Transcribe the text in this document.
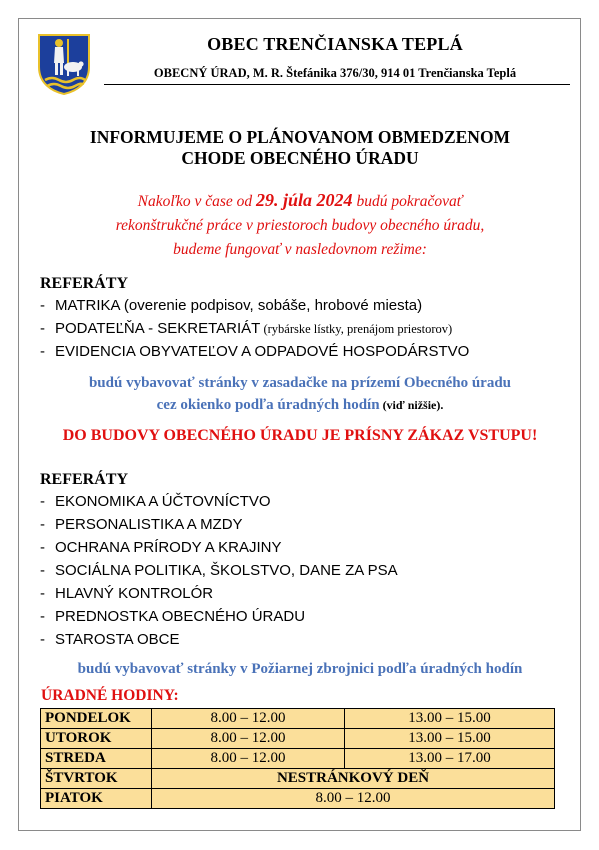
OBEC TRENČIANSKA TEPLÁ
OBECNÝ ÚRAD, M. R. Štefánika 376/30, 914 01 Trenčianska Teplá
INFORMUJEME O PLÁNOVANOM OBMEDZENOM
CHODE OBECNÉHO ÚRADU
Nakoľko v čase od 29. júla 2024 budú pokračovať
rekonštrukčné práce v priestoroch budovy obecného úradu,
budeme fungovať v nasledovnom režime:
REFERÁTY
- MATRIKA (overenie podpisov, sobáše, hrobové miesta)
- PODATEĽŇA - SEKRETARIÁT (rybárske lístky, prenájom priestorov)
- EVIDENCIA OBYVATEĽOV A ODPADOVÉ HOSPODÁRSTVO
budú vybavovať stránky v zasadačke na prízemí Obecného úradu
cez okienko podľa úradných hodín (viď nižšie).
DO BUDOVY OBECNÉHO ÚRADU JE PRÍSNY ZÁKAZ VSTUPU!
REFERÁTY
- EKONOMIKA A ÚČTOVNÍCTVO
- PERSONALISTIKA A MZDY
- OCHRANA PRÍRODY A KRAJINY
- SOCIÁLNA POLITIKA, ŠKOLSTVO, DANE ZA PSA
- HLAVNÝ KONTROLÓR
- PREDNOSTKA OBECNÉHO ÚRADU
- STAROSTA OBCE
budú vybavovať stránky v Požiarnej zbrojnici podľa úradných hodín
ÚRADNÉ HODINY:
PONDELOK	8.00 – 12.00	13.00 – 15.00
UTOROK	8.00 – 12.00	13.00 – 15.00
STREDA	8.00 – 12.00	13.00 – 17.00
ŠTVRTOK	NESTRÁNKOVÝ DEŇ	
PIATOK	8.00 – 12.00	
